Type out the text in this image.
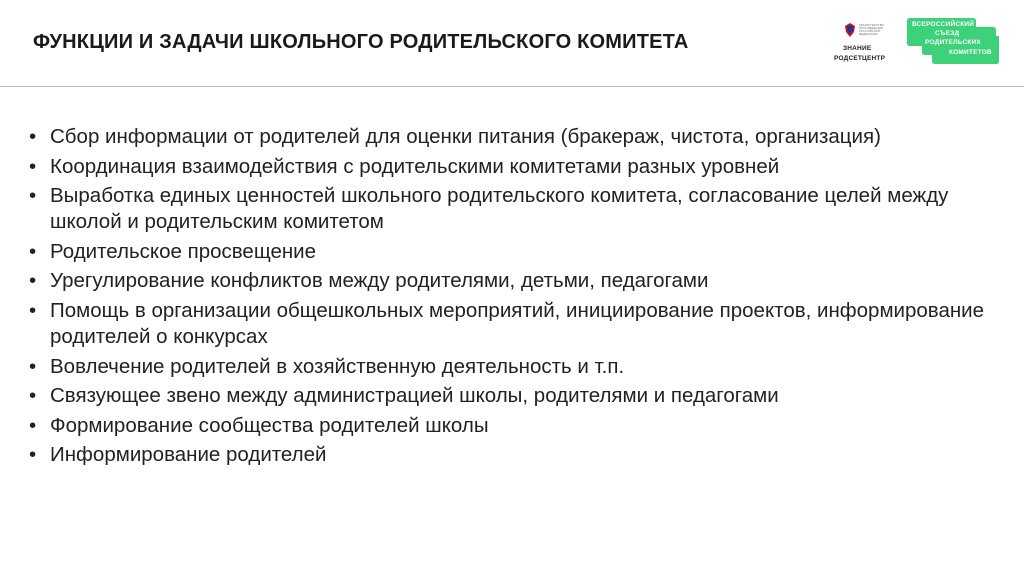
ФУНКЦИИ И ЗАДАЧИ ШКОЛЬНОГО РОДИТЕЛЬСКОГО КОМИТЕТА
МИНИСТЕРСТВО ПРОСВЕЩЕНИЯ РОССИЙСКОЙ ФЕДЕРАЦИИ
ЗНАНИЕ
РОДСЕТЦЕНТР
ВСЕРОССИЙСКИЙ
СЪЕЗД
РОДИТЕЛЬСКИХ
КОМИТЕТОВ
• Сбор информации от родителей для оценки питания (бракераж, чистота, организация)
• Координация взаимодействия с родительскими комитетами разных уровней
• Выработка единых ценностей школьного родительского комитета, согласование целей между школой и родительским комитетом
• Родительское просвещение
• Урегулирование конфликтов между родителями, детьми, педагогами
• Помощь в организации общешкольных мероприятий, инициирование проектов, информирование родителей о конкурсах
• Вовлечение родителей в хозяйственную деятельность и т.п.
• Связующее звено между администрацией школы, родителями и педагогами
• Формирование сообщества родителей школы
• Информирование родителей
